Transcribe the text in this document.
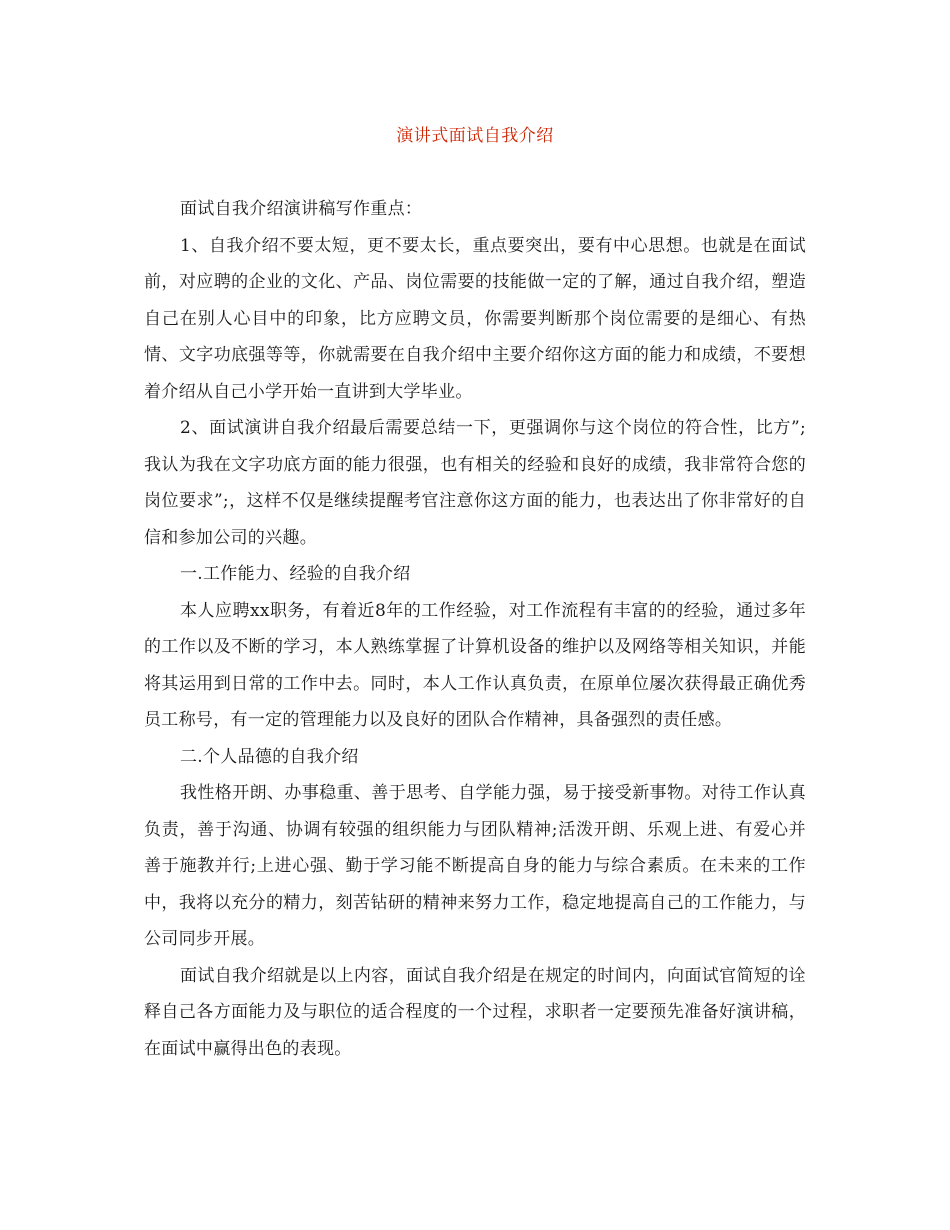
演讲式面试自我介绍

面试自我介绍演讲稿写作重点：

1、自我介绍不要太短，更不要太长，重点要突出，要有中心思想。也就是在面试前，对应聘的企业的文化、产品、岗位需要的技能做一定的了解，通过自我介绍，塑造自己在别人心目中的印象，比方应聘文员，你需要判断那个岗位需要的是细心、有热情、文字功底强等等，你就需要在自我介绍中主要介绍你这方面的能力和成绩，不要想着介绍从自己小学开始一直讲到大学毕业。

2、面试演讲自我介绍最后需要总结一下，更强调你与这个岗位的符合性，比方”;我认为我在文字功底方面的能力很强，也有相关的经验和良好的成绩，我非常符合您的岗位要求”;，这样不仅是继续提醒考官注意你这方面的能力，也表达出了你非常好的自信和参加公司的兴趣。

一.工作能力、经验的自我介绍

本人应聘xx职务，有着近8年的工作经验，对工作流程有丰富的的经验，通过多年的工作以及不断的学习，本人熟练掌握了计算机设备的维护以及网络等相关知识，并能将其运用到日常的工作中去。同时，本人工作认真负责，在原单位屡次获得最正确优秀员工称号，有一定的管理能力以及良好的团队合作精神，具备强烈的责任感。

二.个人品德的自我介绍

我性格开朗、办事稳重、善于思考、自学能力强，易于接受新事物。对待工作认真负责，善于沟通、协调有较强的组织能力与团队精神;活泼开朗、乐观上进、有爱心并善于施教并行;上进心强、勤于学习能不断提高自身的能力与综合素质。在未来的工作中，我将以充分的精力，刻苦钻研的精神来努力工作，稳定地提高自己的工作能力，与公司同步开展。

面试自我介绍就是以上内容，面试自我介绍是在规定的时间内，向面试官简短的诠释自己各方面能力及与职位的适合程度的一个过程，求职者一定要预先准备好演讲稿，在面试中赢得出色的表现。
